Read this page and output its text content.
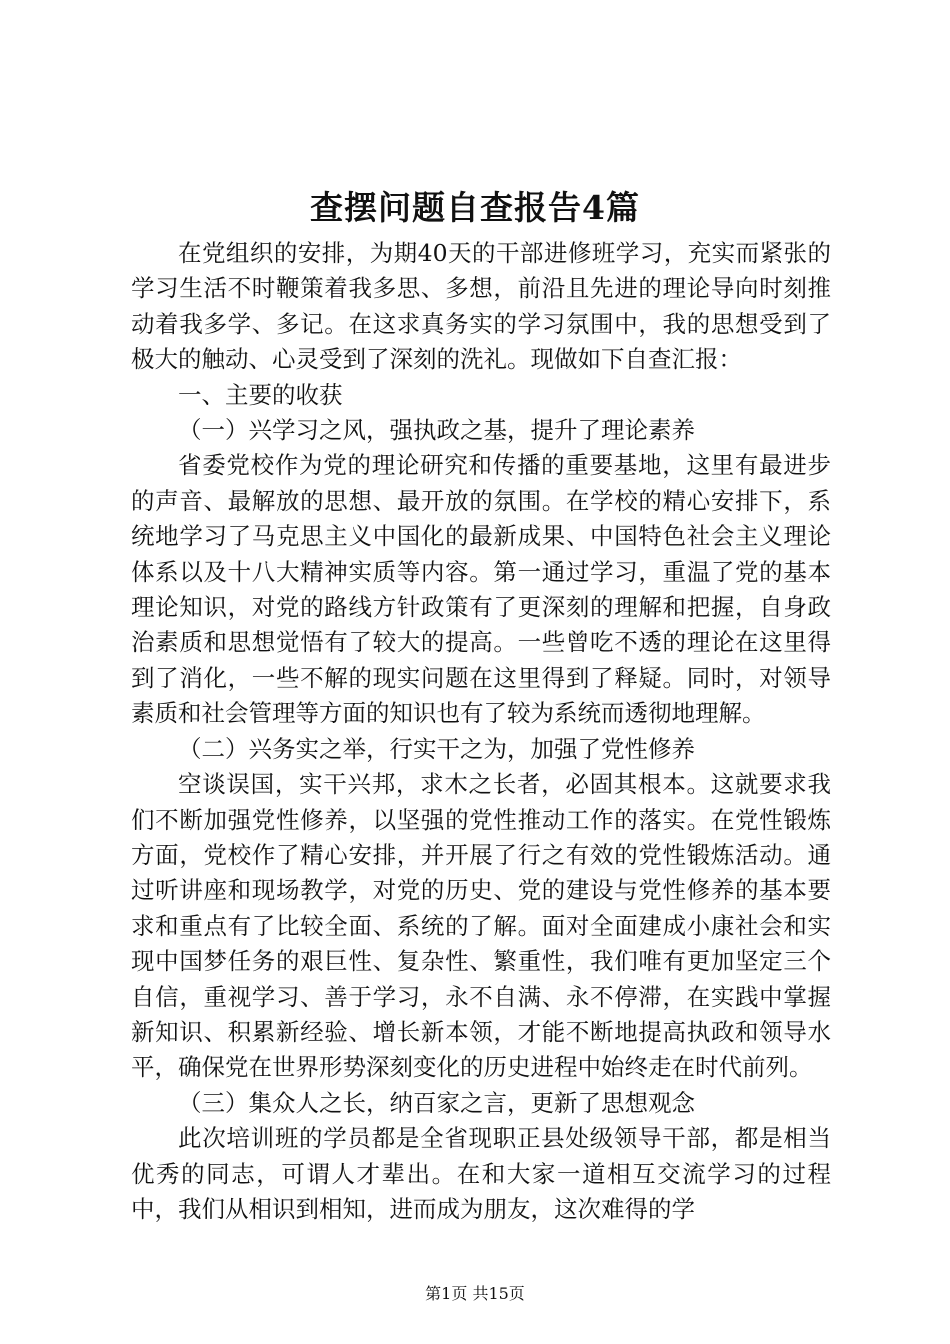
查摆问题自查报告4篇

在党组织的安排，为期40天的干部进修班学习，充实而紧张的学习生活不时鞭策着我多思、多想，前沿且先进的理论导向时刻推动着我多学、多记。在这求真务实的学习氛围中，我的思想受到了极大的触动、心灵受到了深刻的洗礼。现做如下自查汇报：

一、主要的收获

（一）兴学习之风，强执政之基，提升了理论素养

省委党校作为党的理论研究和传播的重要基地，这里有最进步的声音、最解放的思想、最开放的氛围。在学校的精心安排下，系统地学习了马克思主义中国化的最新成果、中国特色社会主义理论体系以及十八大精神实质等内容。第一通过学习，重温了党的基本理论知识，对党的路线方针政策有了更深刻的理解和把握，自身政治素质和思想觉悟有了较大的提高。一些曾吃不透的理论在这里得到了消化，一些不解的现实问题在这里得到了释疑。同时，对领导素质和社会管理等方面的知识也有了较为系统而透彻地理解。

（二）兴务实之举，行实干之为，加强了党性修养

空谈误国，实干兴邦，求木之长者，必固其根本。这就要求我们不断加强党性修养，以坚强的党性推动工作的落实。在党性锻炼方面，党校作了精心安排，并开展了行之有效的党性锻炼活动。通过听讲座和现场教学，对党的历史、党的建设与党性修养的基本要求和重点有了比较全面、系统的了解。面对全面建成小康社会和实现中国梦任务的艰巨性、复杂性、繁重性，我们唯有更加坚定三个自信，重视学习、善于学习，永不自满、永不停滞，在实践中掌握新知识、积累新经验、增长新本领，才能不断地提高执政和领导水平，确保党在世界形势深刻变化的历史进程中始终走在时代前列。

（三）集众人之长，纳百家之言，更新了思想观念

此次培训班的学员都是全省现职正县处级领导干部，都是相当优秀的同志，可谓人才辈出。在和大家一道相互交流学习的过程中，我们从相识到相知，进而成为朋友，这次难得的学

第1页 共15页
